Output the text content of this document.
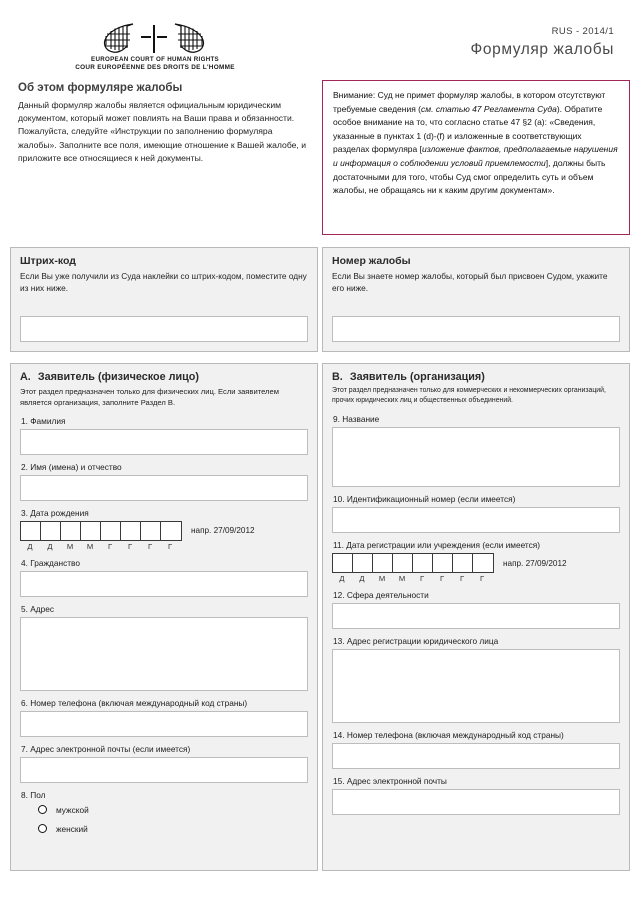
EUROPEAN COURT OF HUMAN RIGHTS
COUR EUROPÉENNE DES DROITS DE L'HOMME
RUS - 2014/1
Формуляр жалобы
Об этом формуляре жалобы
Данный формуляр жалобы является официальным юридическим документом, который может повлиять на Ваши права и обязанности. Пожалуйста, следуйте «Инструкции по заполнению формуляра жалобы». Заполните все поля, имеющие отношение к Вашей жалобе, и приложите все относящиеся к ней документы.
Внимание: Суд не примет формуляр жалобы, в котором отсутствуют требуемые сведения (см. статью 47 Регламента Суда). Обратите особое внимание на то, что согласно статье 47 §2 (a): «Сведения, указанные в пунктах 1 (d)-(f) и изложенные в соответствующих разделах формуляра [изложение фактов, предполагаемые нарушения и информация о соблюдении условий приемлемости], должны быть достаточными для того, чтобы Суд смог определить суть и объем жалобы, не обращаясь ни к каким другим документам».
Штрих-код
Если Вы уже получили из Суда наклейки со штрих-кодом, поместите одну из них ниже.
Номер жалобы
Если Вы знаете номер жалобы, который был присвоен Судом, укажите его ниже.
A. Заявитель (физическое лицо)
Этот раздел предназначен только для физических лиц. Если заявителем является организация, заполните Раздел B.
1. Фамилия
2. Имя (имена) и отчество
3. Дата рождения
напр. 27/09/2012
Д	Д	М	М	Г	Г	Г	Г
4. Гражданство
5. Адрес
6. Номер телефона (включая международный код страны)
7. Адрес электронной почты (если имеется)
8. Пол
мужской
женский
B. Заявитель (организация)
Этот раздел предназначен только для коммерческих и некоммерческих организаций, прочих юридических лиц и общественных объединений.
9. Название
10. Идентификационный номер (если имеется)
11. Дата регистрации или учреждения (если имеется)
напр. 27/09/2012
Д	Д	М	М	Г	Г	Г	Г
12. Сфера деятельности
13. Адрес регистрации юридического лица
14. Номер телефона (включая международный код страны)
15. Адрес электронной почты
